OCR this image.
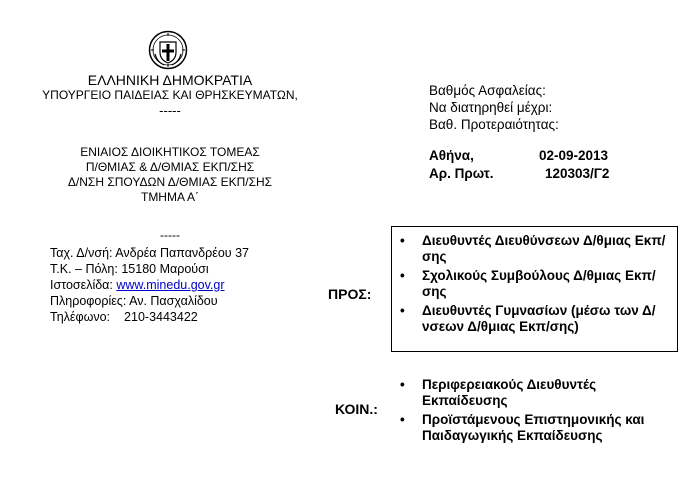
ΕΛΛΗΝΙΚΗ ΔΗΜΟΚΡΑΤΙΑ
ΥΠΟΥΡΓΕΙΟ ΠΑΙΔΕΙΑΣ ΚΑΙ ΘΡΗΣΚΕΥΜΑΤΩΝ,
-----
ΕΝΙΑΙΟΣ ΔΙΟΙΚΗΤΙΚΟΣ ΤΟΜΕΑΣ
Π/ΘΜΙΑΣ & Δ/ΘΜΙΑΣ ΕΚΠ/ΣΗΣ
Δ/ΝΣΗ ΣΠΟΥΔΩΝ Δ/ΘΜΙΑΣ ΕΚΠ/ΣΗΣ
ΤΜΗΜΑ Α΄
-----
Ταχ. Δ/νσή: Ανδρέα Παπανδρέου 37
Τ.Κ. – Πόλη: 15180 Μαρούσι
Ιστοσελίδα: www.minedu.gov.gr
Πληροφορίες: Αν. Πασχαλίδου
Τηλέφωνο: 210-3443422
Βαθμός Ασφαλείας:
Να διατηρηθεί μέχρι:
Βαθ. Προτεραιότητας:
Αθήνα,	02-09-2013
Αρ. Πρωτ.	120303/Γ2
ΠΡΟΣ:
• Διευθυντές Διευθύνσεων Δ/θμιας Εκπ/σης
• Σχολικούς Συμβούλους Δ/θμιας Εκπ/σης
• Διευθυντές Γυμνασίων (μέσω των Δ/νσεων Δ/θμιας Εκπ/σης)
ΚΟΙΝ.:
• Περιφερειακούς Διευθυντές Εκπαίδευσης
• Προϊστάμενους Επιστημονικής και Παιδαγωγικής Εκπαίδευσης
